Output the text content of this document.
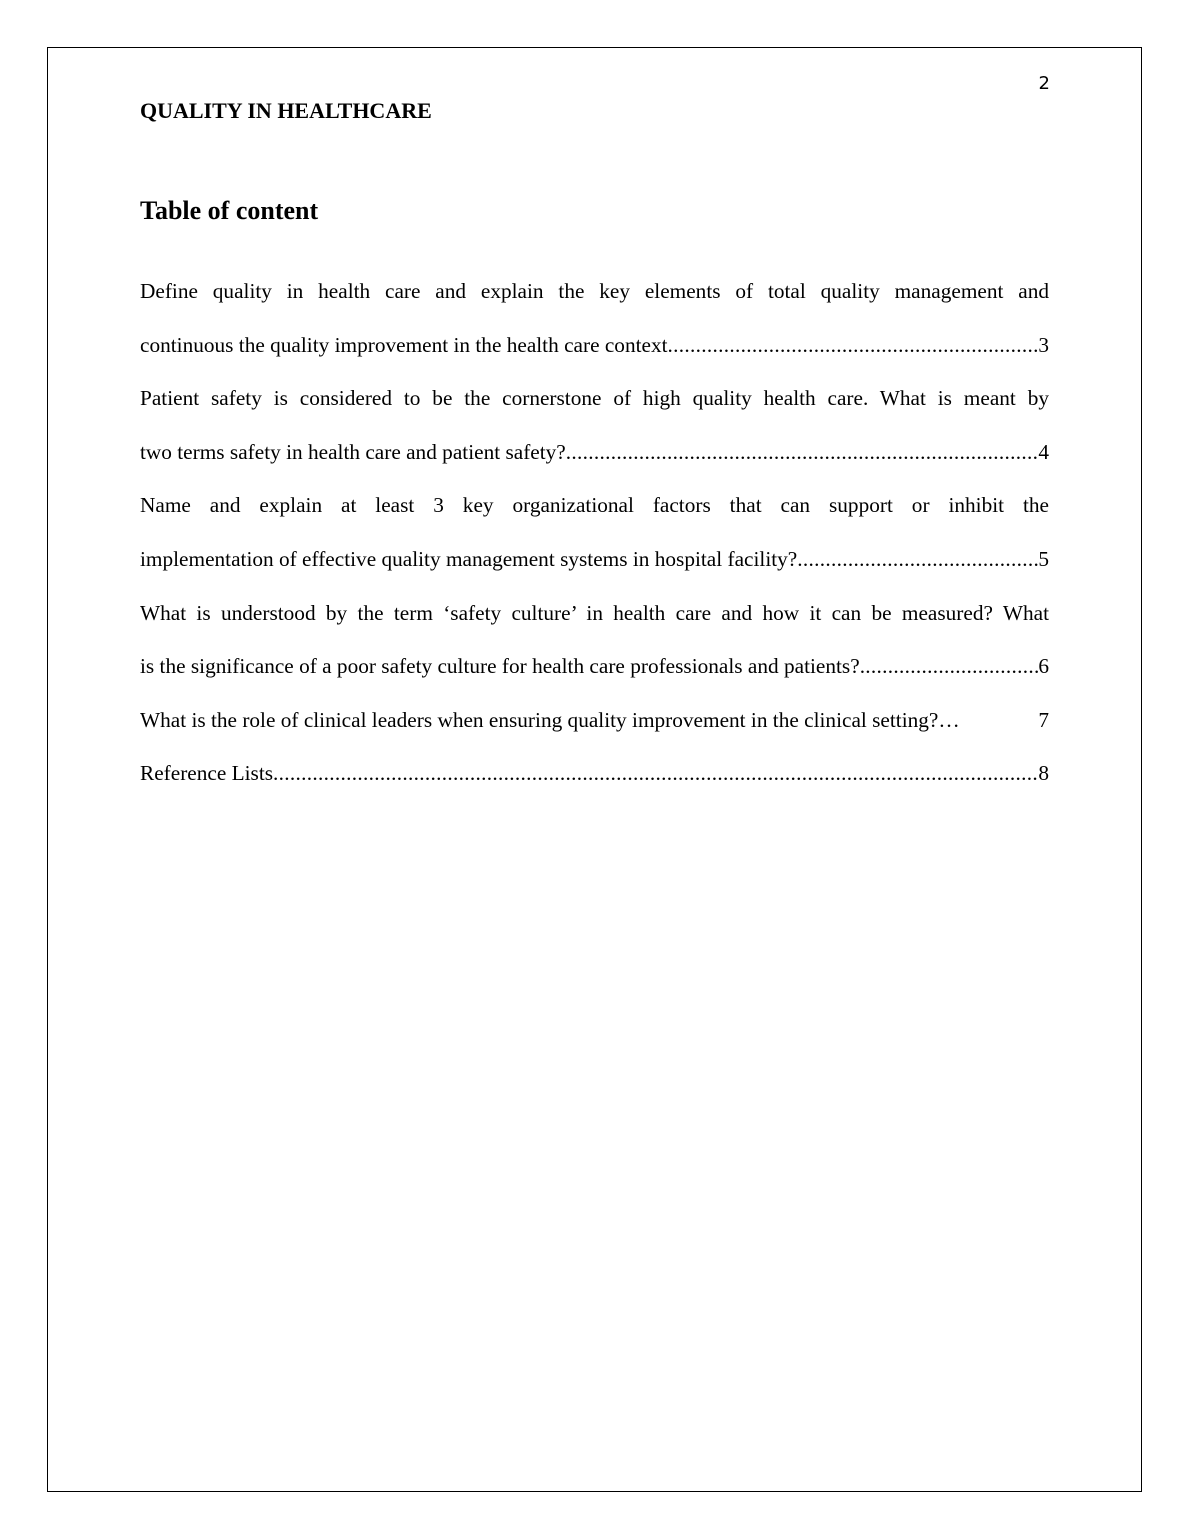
2
QUALITY IN HEALTHCARE
Table of content
Define quality in health care and explain the key elements of total quality management and
continuous the quality improvement in the health care context .....	3
Patient safety is considered to be the cornerstone of high quality health care. What is meant by
two terms safety in health care and patient safety? .....	4
Name and explain at least 3 key organizational factors that can support or inhibit the
implementation of effective quality management systems in hospital facility? .....	5
What is understood by the term ‘safety culture’ in health care and how it can be measured? What
is the significance of a poor safety culture for health care professionals and patients? .....	6
What is the role of clinical leaders when ensuring quality improvement in the clinical setting?…	7
Reference Lists .....	8
